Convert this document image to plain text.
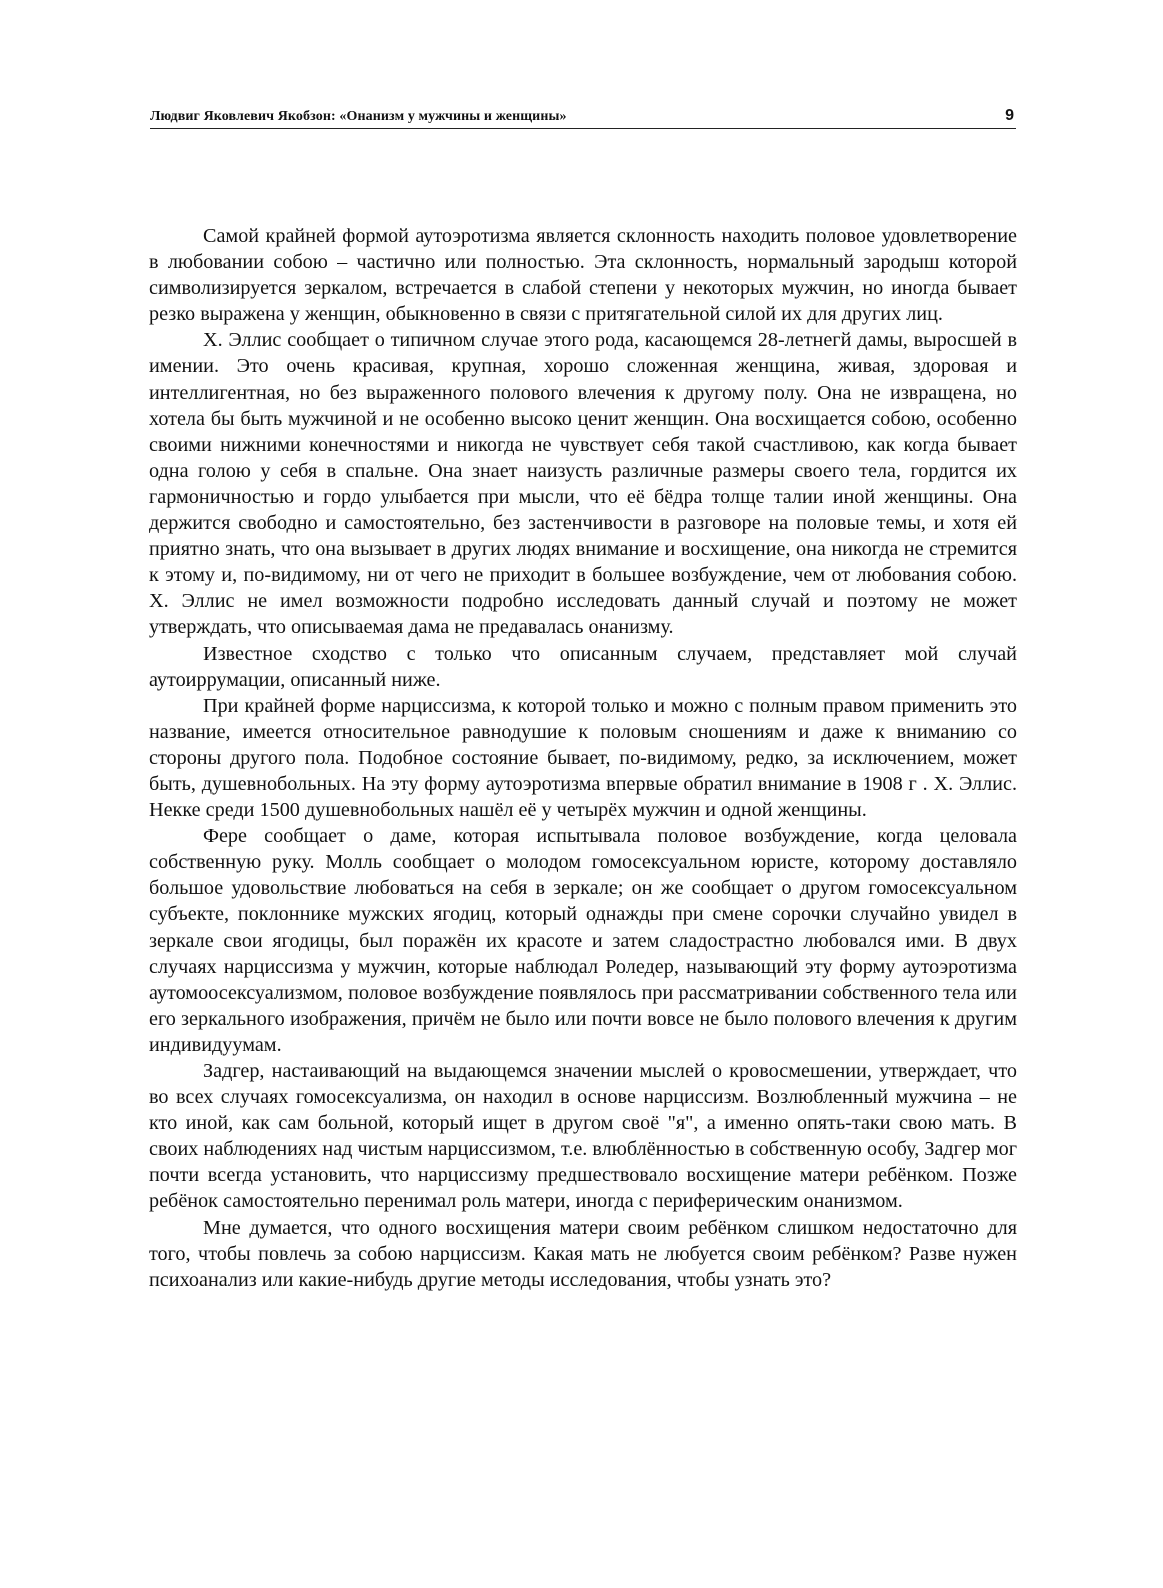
Людвиг Яковлевич Якобзон: «Онанизм у мужчины и женщины»	9

Самой крайней формой аутоэротизма является склонность находить половое удовлетворение в любовании собою – частично или полностью. Эта склонность, нормальный зародыш которой символизируется зеркалом, встречается в слабой степени у некоторых мужчин, но иногда бывает резко выражена у женщин, обыкновенно в связи с притягательной силой их для других лиц.

Х. Эллис сообщает о типичном случае этого рода, касающемся 28-летнегй дамы, выросшей в имении. Это очень красивая, крупная, хорошо сложенная женщина, живая, здоровая и интеллигентная, но без выраженного полового влечения к другому полу. Она не извращена, но хотела бы быть мужчиной и не особенно высоко ценит женщин. Она восхищается собою, особенно своими нижними конечностями и никогда не чувствует себя такой счастливою, как когда бывает одна голою у себя в спальне. Она знает наизусть различные размеры своего тела, гордится их гармоничностью и гордо улыбается при мысли, что её бёдра толще талии иной женщины. Она держится свободно и самостоятельно, без застенчивости в разговоре на половые темы, и хотя ей приятно знать, что она вызывает в других людях внимание и восхищение, она никогда не стремится к этому и, по-видимому, ни от чего не приходит в большее возбуждение, чем от любования собою. Х. Эллис не имел возможности подробно исследовать данный случай и поэтому не может утверждать, что описываемая дама не предавалась онанизму.

Известное сходство с только что описанным случаем, представляет мой случай аутоиррумации, описанный ниже.

При крайней форме нарциссизма, к которой только и можно с полным правом применить это название, имеется относительное равнодушие к половым сношениям и даже к вниманию со стороны другого пола. Подобное состояние бывает, по-видимому, редко, за исключением, может быть, душевнобольных. На эту форму аутоэротизма впервые обратил внимание в 1908 г . Х. Эллис. Некке среди 1500 душевнобольных нашёл её у четырёх мужчин и одной женщины.

Фере сообщает о даме, которая испытывала половое возбуждение, когда целовала собственную руку. Молль сообщает о молодом гомосексуальном юристе, которому доставляло большое удовольствие любоваться на себя в зеркале; он же сообщает о другом гомосексуальном субъекте, поклоннике мужских ягодиц, который однажды при смене сорочки случайно увидел в зеркале свои ягодицы, был поражён их красоте и затем сладострастно любовался ими. В двух случаях нарциссизма у мужчин, которые наблюдал Роледер, называющий эту форму аутоэротизма аутомоосексуализмом, половое возбуждение появлялось при рассматривании собственного тела или его зеркального изображения, причём не было или почти вовсе не было полового влечения к другим индивидуумам.

Задгер, настаивающий на выдающемся значении мыслей о кровосмешении, утверждает, что во всех случаях гомосексуализма, он находил в основе нарциссизм. Возлюбленный мужчина – не кто иной, как сам больной, который ищет в другом своё "я", а именно опять-таки свою мать. В своих наблюдениях над чистым нарциссизмом, т.е. влюблённостью в собственную особу, Задгер мог почти всегда установить, что нарциссизму предшествовало восхищение матери ребёнком. Позже ребёнок самостоятельно перенимал роль матери, иногда с периферическим онанизмом.

Мне думается, что одного восхищения матери своим ребёнком слишком недостаточно для того, чтобы повлечь за собою нарциссизм. Какая мать не любуется своим ребёнком? Разве нужен психоанализ или какие-нибудь другие методы исследования, чтобы узнать это?
